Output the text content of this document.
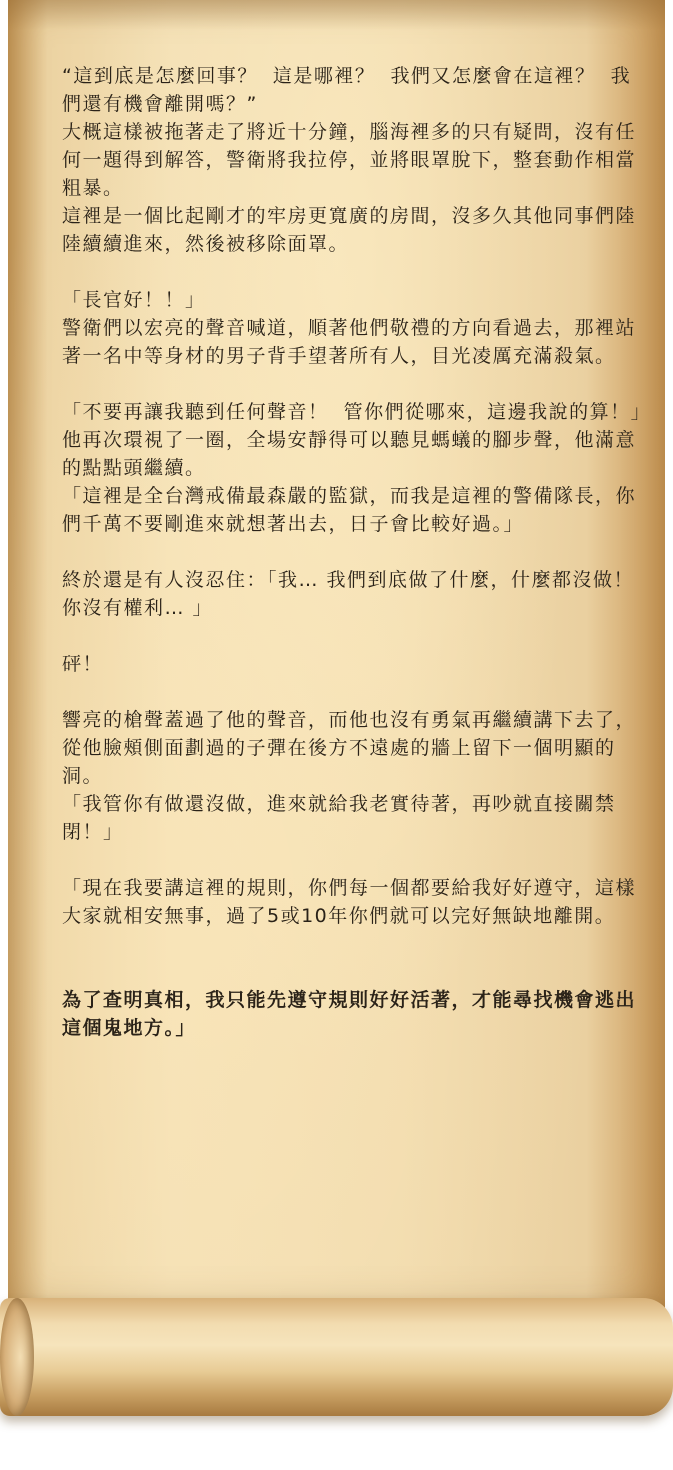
“這到底是怎麼回事？  這是哪裡？  我們又怎麼會在這裡？  我們還有機會離開嗎？”

大概這樣被拖著走了將近十分鐘，腦海裡多的只有疑問，沒有任何一題得到解答，警衛將我拉停，並將眼罩脫下，整套動作相當粗暴。

這裡是一個比起剛才的牢房更寬廣的房間，沒多久其他同事們陸陸續續進來，然後被移除面罩。

「長官好！！」

警衛們以宏亮的聲音喊道，順著他們敬禮的方向看過去，那裡站著一名中等身材的男子背手望著所有人，目光凌厲充滿殺氣。

「不要再讓我聽到任何聲音！  管你們從哪來，這邊我說的算！」

他再次環視了一圈，全場安靜得可以聽見螞蟻的腳步聲，他滿意的點點頭繼續。

「這裡是全台灣戒備最森嚴的監獄，而我是這裡的警備隊長，你們千萬不要剛進來就想著出去，日子會比較好過。」

終於還是有人沒忍住：「我… 我們到底做了什麼，什麼都沒做！  你沒有權利… 」

砰！

響亮的槍聲蓋過了他的聲音，而他也沒有勇氣再繼續講下去了，從他臉頰側面劃過的子彈在後方不遠處的牆上留下一個明顯的洞。

「我管你有做還沒做，進來就給我老實待著，再吵就直接關禁閉！」

「現在我要講這裡的規則，你們每一個都要給我好好遵守，這樣大家就相安無事，過了5或10年你們就可以完好無缺地離開。

為了查明真相，我只能先遵守規則好好活著，才能尋找機會逃出這個鬼地方。」
